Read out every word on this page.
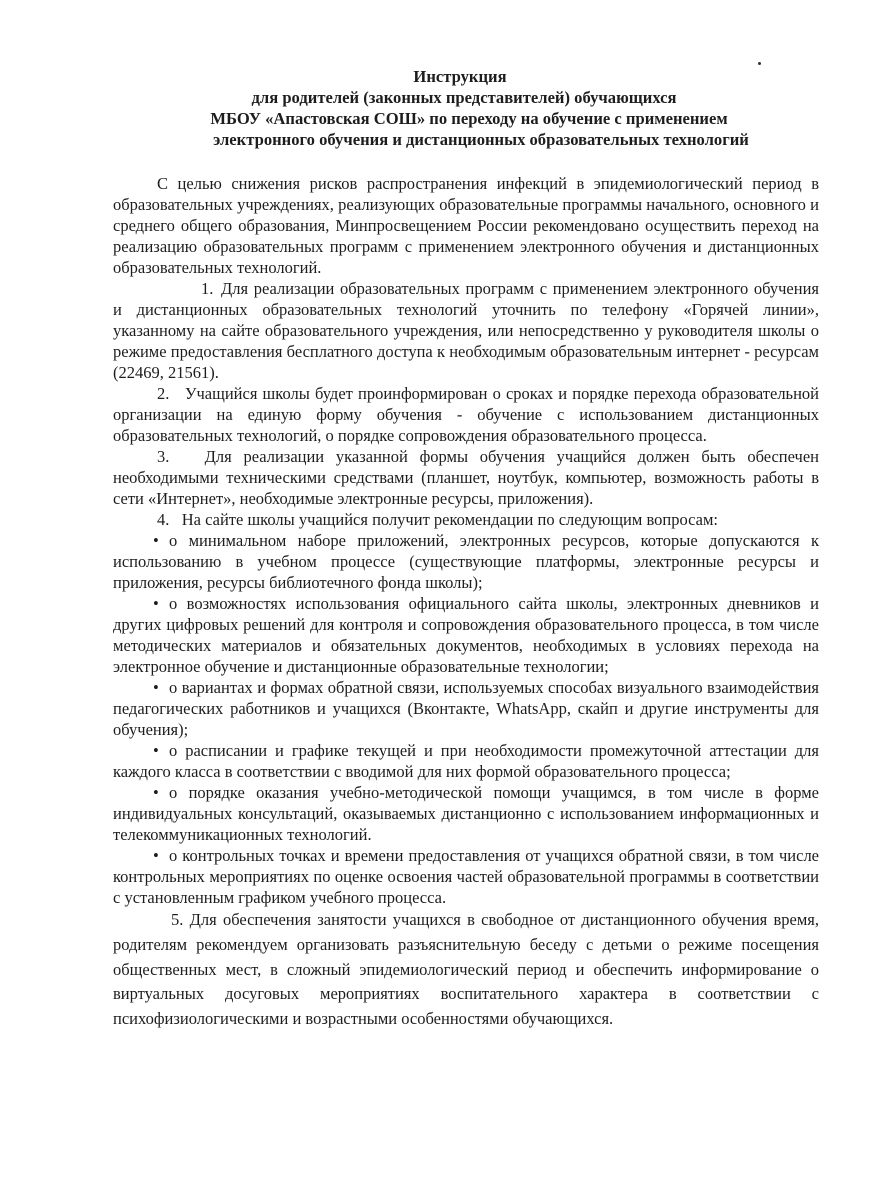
Инструкция
для родителей (законных представителей) обучающихся
МБОУ «Апастовская СОШ» по переходу на обучение с применением
электронного обучения и дистанционных образовательных технологий

С целью снижения рисков распространения инфекций в эпидемиологический период в образовательных учреждениях, реализующих образовательные программы начального, основного и среднего общего образования, Минпросвещением России рекомендовано осуществить переход на реализацию образовательных программ с применением электронного обучения и дистанционных образовательных технологий.

1. Для реализации образовательных программ с применением электронного обучения и дистанционных образовательных технологий уточнить по телефону «Горячей линии», указанному на сайте образовательного учреждения, или непосредственно у руководителя школы о режиме предоставления бесплатного доступа к необходимым образовательным интернет - ресурсам (22469, 21561).

2. Учащийся школы будет проинформирован о сроках и порядке перехода образовательной организации на единую форму обучения - обучение с использованием дистанционных образовательных технологий, о порядке сопровождения образовательного процесса.

3. Для реализации указанной формы обучения учащийся должен быть обеспечен необходимыми техническими средствами (планшет, ноутбук, компьютер, возможность работы в сети «Интернет», необходимые электронные ресурсы, приложения).

4. На сайте школы учащийся получит рекомендации по следующим вопросам:

• о минимальном наборе приложений, электронных ресурсов, которые допускаются к использованию в учебном процессе (существующие платформы, электронные ресурсы и приложения, ресурсы библиотечного фонда школы);

• о возможностях использования официального сайта школы, электронных дневников и других цифровых решений для контроля и сопровождения образовательного процесса, в том числе методических материалов и обязательных документов, необходимых в условиях перехода на электронное обучение и дистанционные образовательные технологии;

• о вариантах и формах обратной связи, используемых способах визуального взаимодействия педагогических работников и учащихся (Вконтакте, WhatsApp, скайп и другие инструменты для обучения);

• о расписании и графике текущей и при необходимости промежуточной аттестации для каждого класса в соответствии с вводимой для них формой образовательного процесса;

• о порядке оказания учебно-методической помощи учащимся, в том числе в форме индивидуальных консультаций, оказываемых дистанционно с использованием информационных и телекоммуникационных технологий.

• о контрольных точках и времени предоставления от учащихся обратной связи, в том числе контрольных мероприятиях по оценке освоения частей образовательной программы в соответствии с установленным графиком учебного процесса.

5. Для обеспечения занятости учащихся в свободное от дистанционного обучения время, родителям рекомендуем организовать разъяснительную беседу с детьми о режиме посещения общественных мест, в сложный эпидемиологический период и обеспечить информирование о виртуальных досуговых мероприятиях воспитательного характера в соответствии с психофизиологическими и возрастными особенностями обучающихся.
